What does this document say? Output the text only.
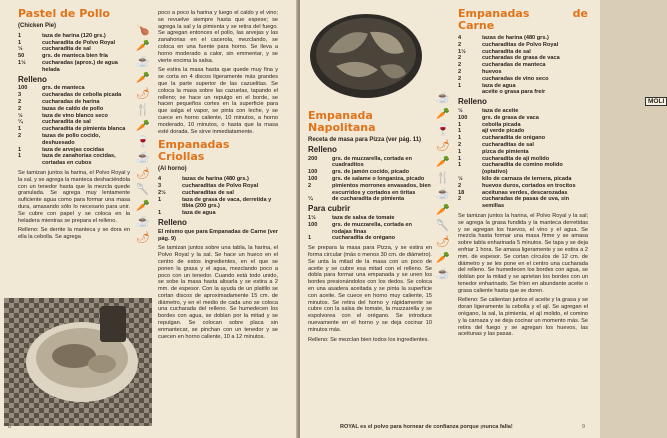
Pastel de Pollo

(Chicken Pie)

1	taza de harina (120 grs.)
1	cucharadita de Polvo Royal
½	cucharadita de sal
50	grs. de manteca bien fría
1½	cucharadas (aprox.) de agua helada
Relleno
100	grs. de manteca
3	cucharadas de cebolla picada
2	cucharadas de harina
2	tazas de caldo de pollo
½	taza de vino blanco seco
¼	cucharadita de sal
1	cucharadita de pimienta blanca
2	tazas de pollo cocido, deshuesado
1	taza de arvejas cocidas
1	taza de zanahorias cocidas, cortadas en cubos

Se tamizan juntos la harina, el Polvo Royal y la sal, y se agrega la manteca deshaciéndola con un tenedor hasta que la mezcla quede granulada. Se agrega muy lentamente suficiente agua como para formar una masa dura, amasando sólo lo necesario para unir. Se cubre con papel y se coloca en la heladera mientras se prepara el relleno.

Relleno: Se derrite la manteca y se dora en ella la cebolla. Se agrega

🍗
🥕
☕
🥕
🌶
🍴
🥕
🍷
☕
🌶
🥄
🥕
☕
🌶

poco a poco la harina y luego el caldo y el vino; se revuelve siempre hasta que espese; se agrega la sal y la pimienta y se retira del fuego. Se agregan entonces el pollo, las arvejas y las zanahorias en el cacerola, mezclando, se coloca en una fuente para horno. Se lleva a horno moderado a calor, sin emmentar, y se vierte encima la salsa.

Se estira la masa hasta que quede muy fina y se corta en 4 discos ligeramente más grandes que la parte superior de las cazuelitas. Se coloca la masa sobre las cazuelas, tapando el relleno; se hace un repulgo en el borde, se hacen pequeños cortes en la superficie para que salga el vapor, se pinta con leche, y se cuece en horno caliente, 10 minutos, a horno moderado, 10 minutos, o hasta que la masa esté dorada. Se sirve inmediatamente.

Empanadas Criollas

(Al horno)

4	tazas de harina (480 grs.)
3	cucharaditas de Polvo Royal
2½	cucharaditas de sal
1	taza de grasa de vaca, derretida y tibia (200 grs.)
1	taza de agua
Relleno

El mismo que para Empanadas de Carne (ver pág. 9)

Se tamizan juntos sobre una tabla, la harina, el Polvo Royal y la sal. Se hace un hueco en el centro de estos ingredientes, en el que se ponen la grasa y el agua, mezclando poco a poco con un tenedor. Cuando está todo unido, se sobe la masa hasta alisarla y se estira a 2 mm. de espesor. Con la ayuda de un platillo se cortan discos de aproximadamente 15 cm. de diámetro, y en el medio de cada uno se coloca una cucharada del relleno. Se humedecen los bordes con agua, se doblan por la mitad y se repulgan. Se colocan sobre placa sin enmantecar, se pinchan con un tenedor y se cuecen en horno caliente, 10 a 12 minutos.

8
MOLI

Empanada Napolitana

Receta de masa para Pizza (ver pág. 11)

Relleno
200	grs. de muzzarella, cortada en cuadraditos
100	grs. de jamón cocido, picado
100	grs. de salame o longaniza, picado
2	pimientos morrones envasados, bien escurridos y cortados en tiritas
¼	de cucharadita de pimienta
Para cubrir
1½	taza de salsa de tomate
100	grs. de muzzarella, cortada en rodajas finas
1	cucharadita de orégano

Se prepara la masa para Pizza, y se estira en forma circular (más o menos 30 cm. de diámetro). Se unta la mitad de la masa con un poco de aceite y se cubre esa mitad con el relleno. Se dobla para formar una empanada y se unen los bordes presionándolos con los dedos. Se coloca en una asadera aceitada y se pinta la superficie con aceite. Se cuece en horno muy caliente, 15 minutos. Se retira del horno y rápidamente se cubre con la salsa de tomate, la muzzarella y se espolvorea con el orégano. Se introduce nuevamente en el horno y se deja cocinar 10 minutos más.

Relleno: Se mezclan bien todos los ingredientes.

☕
🥕
🍷
🌶
🥕
🍴
☕
🥕
🥄
🌶
🥕
☕

Empanadas de Carne

4	tazas de harina (480 grs.)
2	cucharaditas de Polvo Royal
1½	cucharadita de sal
2	cucharadas de grasa de vaca
2	cucharadas de manteca
2	huevos
2	cucharadas de vino seco
1	taza de agua
aceite o grasa para freír
Relleno
½	taza de aceite
100	grs. de grasa de vaca
1	cebolla picada
1	ají verde picado
1	cucharadita de orégano
2	cucharaditas de sal
1	pizca de pimienta
1	cucharadita de ají molido
1	cucharadita de comino molido (optativo)
½	kilo de carnaza de ternera, picada
2	huevos duros, cortados en trocitos
18	aceitunas verdes, descarozadas
2	cucharadas de pasas de uva, sin semillas

Se tamizan juntos la harina, el Polvo Royal y la sal; se agrega la grasa fundida y la manteca derretidas y se agregan los huevos, el vino y el agua. Se mezcla hasta formar una masa firme y se amasa sobre tabla enharinada 5 minutos. Se tapa y se deja enfriar 1 hora. Se amasa ligeramente y se estira a 2 mm. de espesor. Se cortan círculos de 12 cm. de diámetro y se les pone en el centro una cucharada del relleno. Se humedecen los bordes con agua, se doblan por la mitad y se aprietan los bordes con un tenedor enharinado. Se fríen en abundante aceite o grasa caliente hasta que se doren.

Relleno: Se calientan juntos el aceite y la grasa y se doran ligeramente la cebolla y el ají. Se agregan el orégano, la sal, la pimienta, el ají molido, el comino y la carnaza y se deja cocinar un momento más. Se retira del fuego y se agregan los huevos, las aceitunas y las pasas.

9
ROYAL es el polvo para hornear de confianza porque ¡nunca falla!
